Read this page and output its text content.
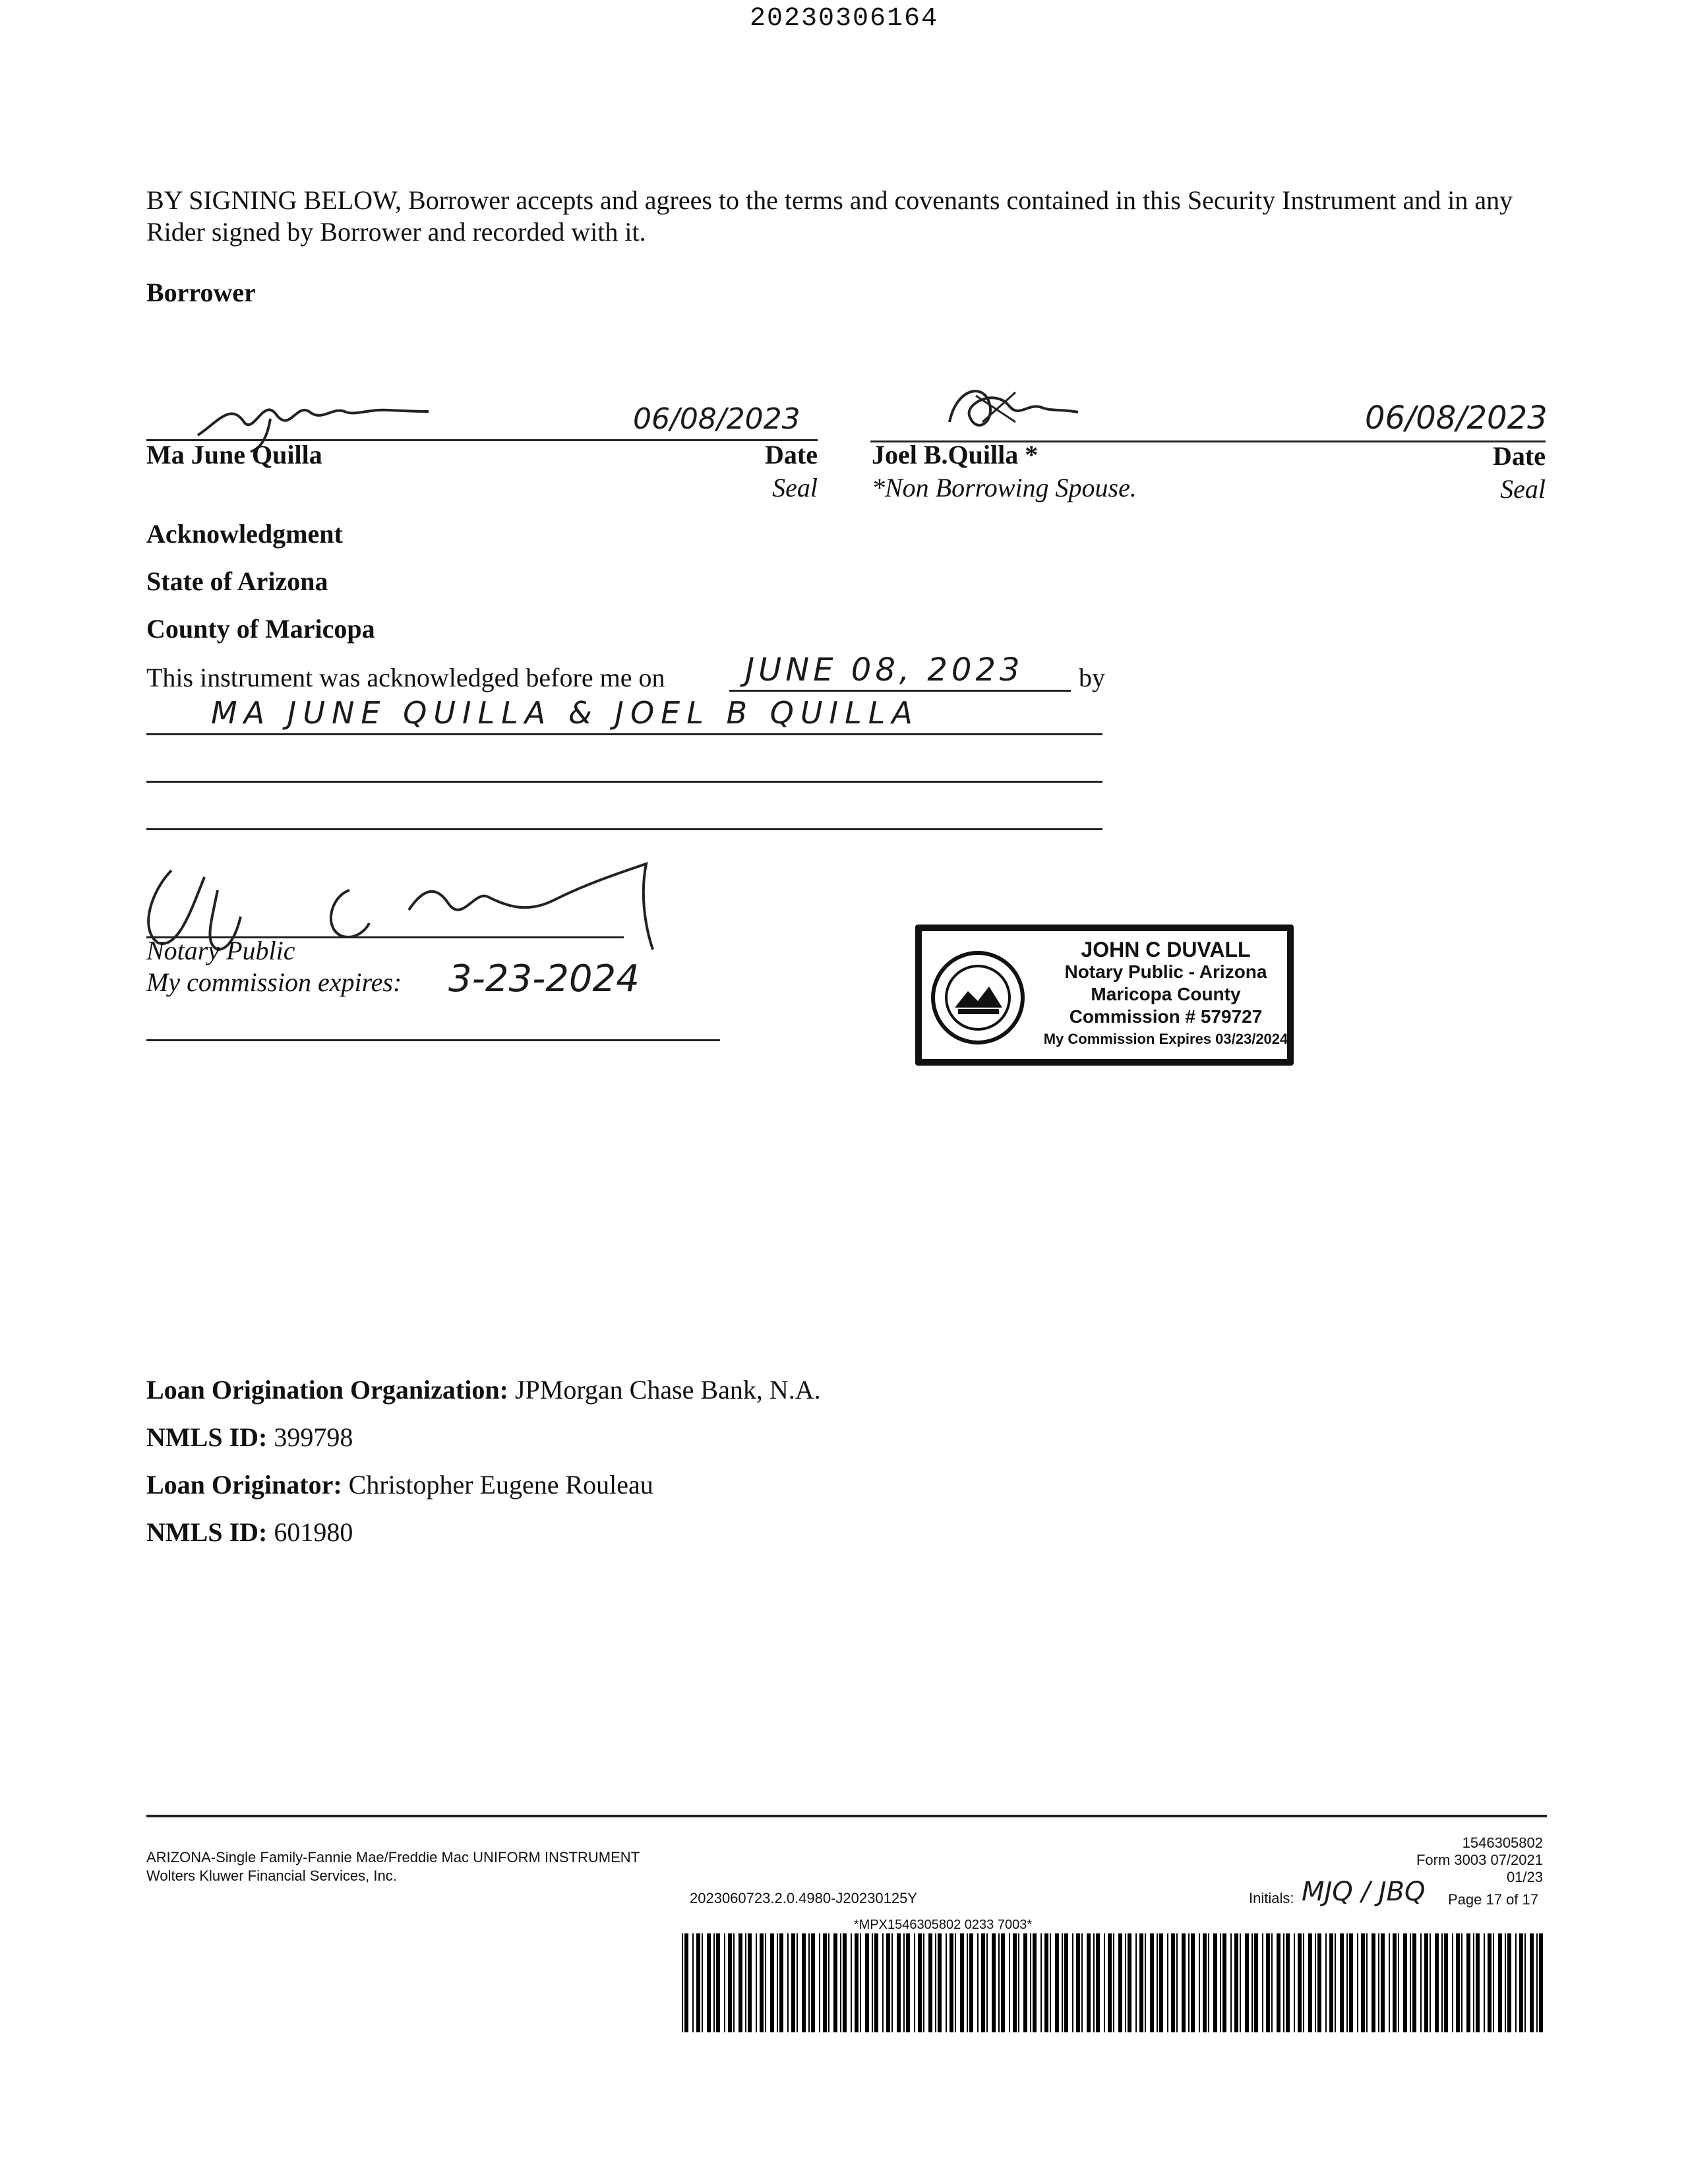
20230306164
BY SIGNING BELOW, Borrower accepts and agrees to the terms and covenants contained in this Security Instrument and in any Rider signed by Borrower and recorded with it.
Borrower
06/08/2023
Ma June Quilla	Date
Seal
06/08/2023
Joel B.Quilla *
*Non Borrowing Spouse.
Date
Seal
Acknowledgment
State of Arizona
County of Maricopa
This instrument was acknowledged before me on	JUNE 08, 2023 by
MA JUNE QUILLA & JOEL B QUILLA
Notary Public
My commission expires: 3-23-2024
JOHN C DUVALL
Notary Public - Arizona
Maricopa County
Commission # 579727
My Commission Expires 03/23/2024
Loan Origination Organization: JPMorgan Chase Bank, N.A.
NMLS ID: 399798
Loan Originator: Christopher Eugene Rouleau
NMLS ID: 601980
ARIZONA-Single Family-Fannie Mae/Freddie Mac UNIFORM INSTRUMENT
Wolters Kluwer Financial Services, Inc.
2023060723.2.0.4980-J20230125Y
1546305802
Form 3003 07/2021
01/23
Initials: MJQ / JBQ Page 17 of 17
*MPX1546305802 0233 7003*
